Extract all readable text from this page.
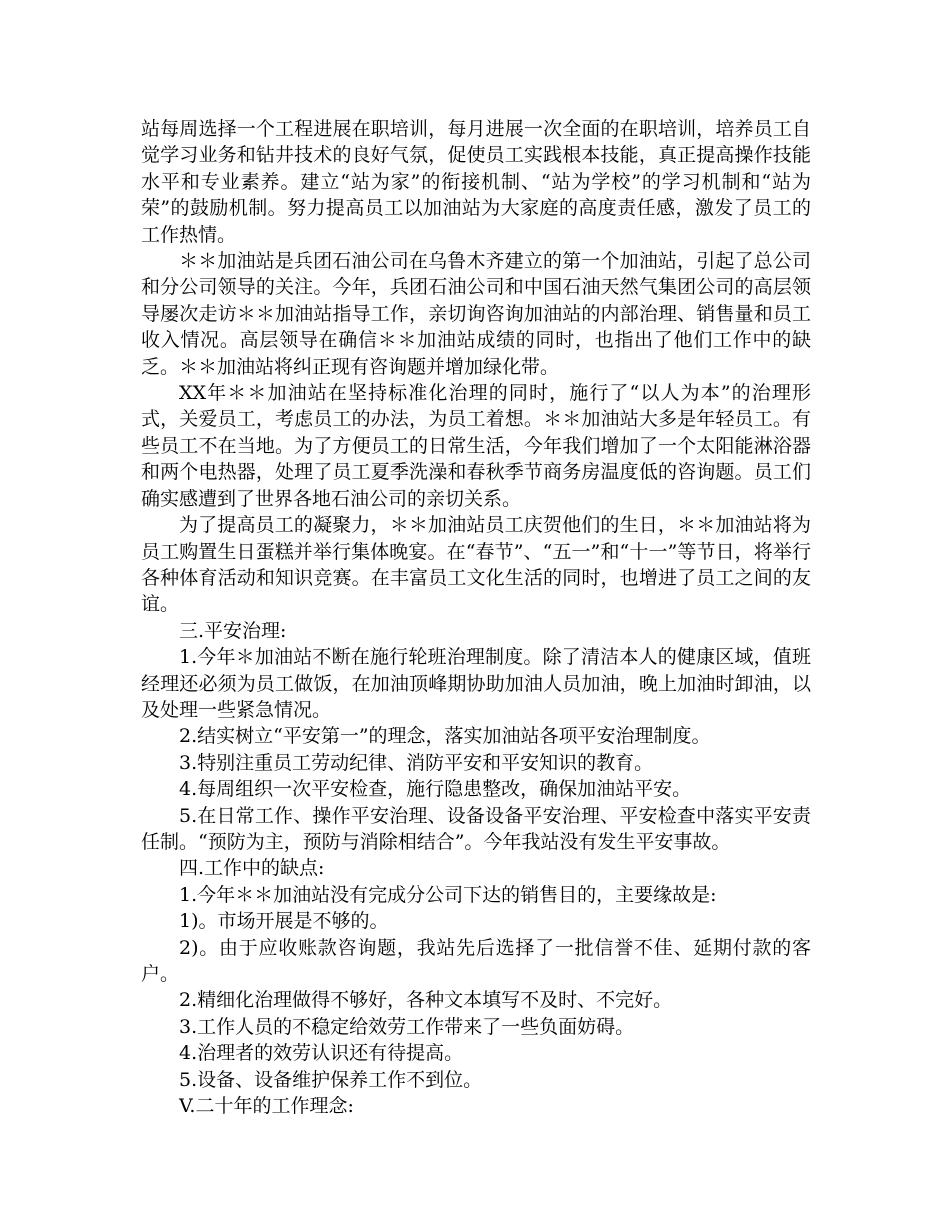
站每周选择一个工程进展在职培训，每月进展一次全面的在职培训，培养员工自觉学习业务和钻井技术的良好气氛，促使员工实践根本技能，真正提高操作技能水平和专业素养。建立“站为家”的衔接机制、“站为学校”的学习机制和“站为荣”的鼓励机制。努力提高员工以加油站为大家庭的高度责任感，激发了员工的工作热情。

＊＊加油站是兵团石油公司在乌鲁木齐建立的第一个加油站，引起了总公司和分公司领导的关注。今年，兵团石油公司和中国石油天然气集团公司的高层领导屡次走访＊＊加油站指导工作，亲切询咨询加油站的内部治理、销售量和员工收入情况。高层领导在确信＊＊加油站成绩的同时，也指出了他们工作中的缺乏。＊＊加油站将纠正现有咨询题并增加绿化带。

XX年＊＊加油站在坚持标准化治理的同时，施行了“以人为本”的治理形式，关爱员工，考虑员工的办法，为员工着想。＊＊加油站大多是年轻员工。有些员工不在当地。为了方便员工的日常生活，今年我们增加了一个太阳能淋浴器和两个电热器，处理了员工夏季洗澡和春秋季节商务房温度低的咨询题。员工们确实感遭到了世界各地石油公司的亲切关系。

为了提高员工的凝聚力，＊＊加油站员工庆贺他们的生日，＊＊加油站将为员工购置生日蛋糕并举行集体晚宴。在“春节”、“五一”和“十一”等节日，将举行各种体育活动和知识竞赛。在丰富员工文化生活的同时，也增进了员工之间的友谊。

三.平安治理:

1.今年＊加油站不断在施行轮班治理制度。除了清洁本人的健康区域，值班经理还必须为员工做饭，在加油顶峰期协助加油人员加油，晚上加油时卸油，以及处理一些紧急情况。

2.结实树立“平安第一”的理念，落实加油站各项平安治理制度。

3.特别注重员工劳动纪律、消防平安和平安知识的教育。

4.每周组织一次平安检查，施行隐患整改，确保加油站平安。

5.在日常工作、操作平安治理、设备设备平安治理、平安检查中落实平安责任制。“预防为主，预防与消除相结合”。今年我站没有发生平安事故。

四.工作中的缺点:

1.今年＊＊加油站没有完成分公司下达的销售目的，主要缘故是:

1)。市场开展是不够的。

2)。由于应收账款咨询题，我站先后选择了一批信誉不佳、延期付款的客户。

2.精细化治理做得不够好，各种文本填写不及时、不完好。

3.工作人员的不稳定给效劳工作带来了一些负面妨碍。

4.治理者的效劳认识还有待提高。

5.设备、设备维护保养工作不到位。

V.二十年的工作理念:
